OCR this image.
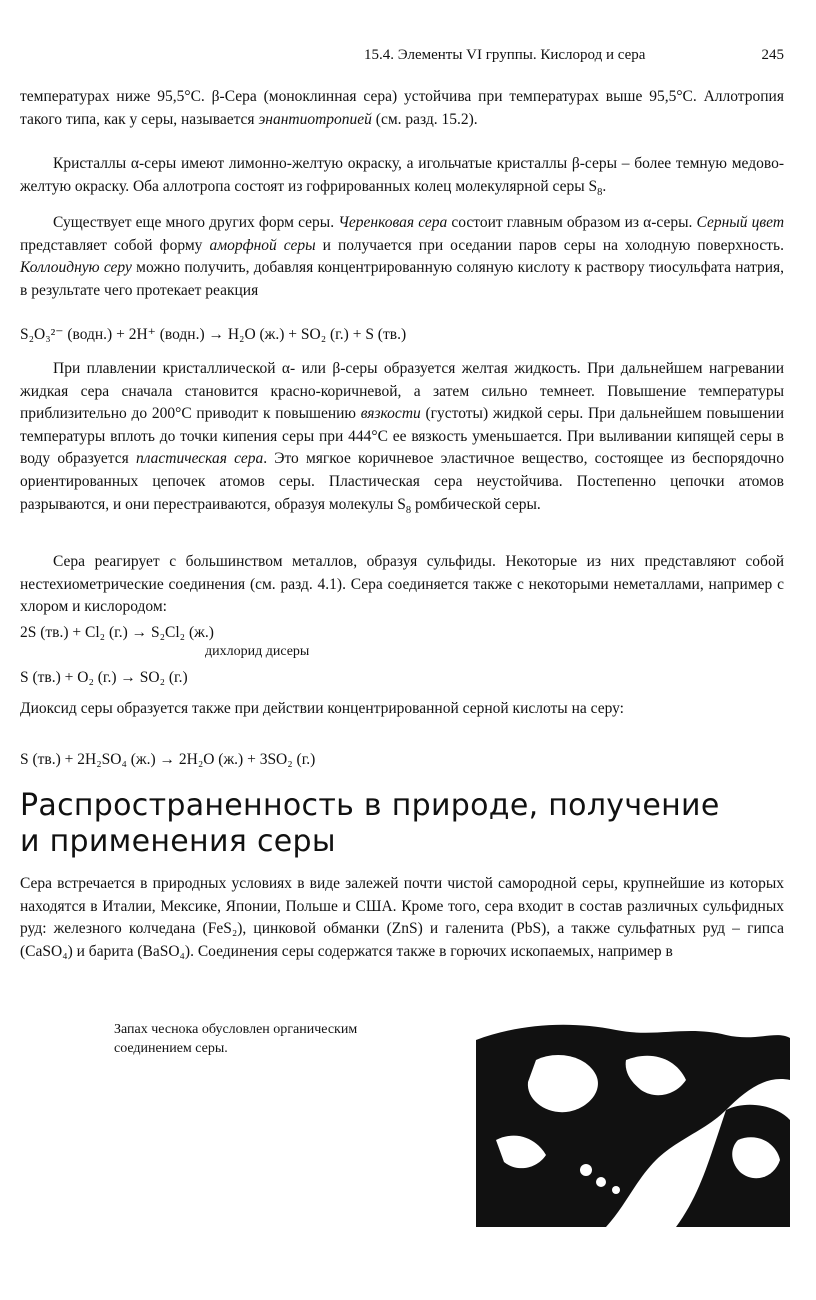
15.4. Элементы VI группы. Кислород и сера	245

температурах ниже 95,5°С. β-Сера (моноклинная сера) устойчива при температурах выше 95,5°С. Аллотропия такого типа, как у серы, называется энантиотропией (см. разд. 15.2).

Кристаллы α-серы имеют лимонно-желтую окраску, а игольчатые кристаллы β-серы – более темную медово-желтую окраску. Оба аллотропа состоят из гофрированных колец молекулярной серы $S_8$.

Существует еще много других форм серы. Черенковая сера состоит главным образом из α-серы. Серный цвет представляет собой форму аморфной серы и получается при оседании паров серы на холодную поверхность. Коллоидную серу можно получить, добавляя концентрированную соляную кислоту к раствору тиосульфата натрия, в результате чего протекает реакция

S₂O₃²⁻ (водн.) + 2H⁺ (водн.) → H₂O (ж.) + SO₂ (г.) + S (тв.)

При плавлении кристаллической α- или β-серы образуется желтая жидкость. При дальнейшем нагревании жидкая сера сначала становится красно-коричневой, а затем сильно темнеет. Повышение температуры приблизительно до 200°С приводит к повышению вязкости (густоты) жидкой серы. При дальнейшем повышении температуры вплоть до точки кипения серы при 444°С ее вязкость уменьшается. При выливании кипящей серы в воду образуется пластическая сера. Это мягкое коричневое эластичное вещество, состоящее из беспорядочно ориентированных цепочек атомов серы. Пластическая сера неустойчива. Постепенно цепочки атомов разрываются, и они перестраиваются, образуя молекулы $S_8$ ромбической серы.

Сера реагирует с большинством металлов, образуя сульфиды. Некоторые из них представляют собой нестехиометрические соединения (см. разд. 4.1). Сера соединяется также с некоторыми неметаллами, например с хлором и кислородом:

2S (тв.) + Cl₂ (г.) → S₂Cl₂ (ж.)
дихлорид дисеры
S (тв.) + O₂ (г.) → SO₂ (г.)

Диоксид серы образуется также при действии концентрированной серной кислоты на серу:

S (тв.) + 2H₂SO₄ (ж.) → 2H₂O (ж.) + 3SO₂ (г.)
Распространенность в природе, получение
и применения серы

Сера встречается в природных условиях в виде залежей почти чистой самородной серы, крупнейшие из которых находятся в Италии, Мексике, Японии, Польше и США. Кроме того, сера входит в состав различных сульфидных руд: железного колчедана (FeS₂), цинковой обманки (ZnS) и галенита (PbS), а также сульфатных руд – гипса (CaSO₄) и барита (BaSO₄). Соединения серы содержатся также в горючих ископаемых, например в

Запах чеснока обусловлен органическим соединением серы.
